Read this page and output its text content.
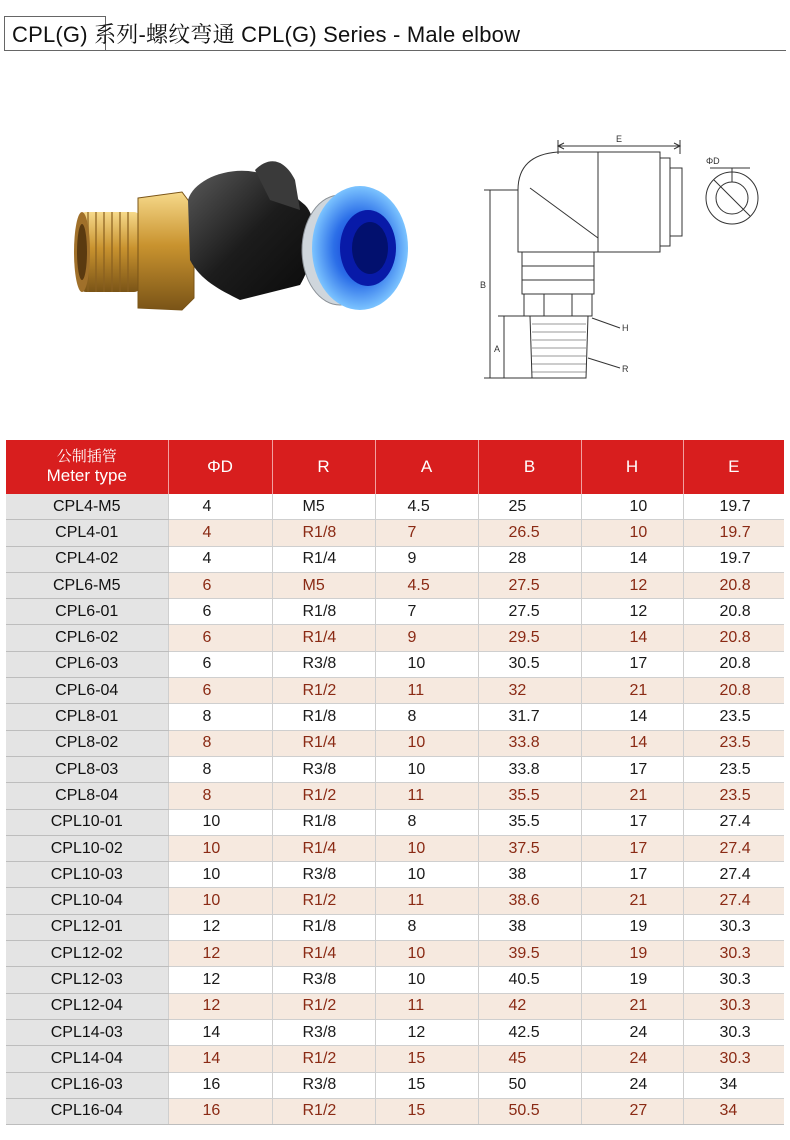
CPL(G) 系列-螺纹弯通 CPL(G) Series - Male elbow
E
B
A
H
R
ΦD
公制插管
Meter type	ΦD	R	A	B	H	E
CPL4-M5	4	M5	4.5	25	10	19.7
CPL4-01	4	R1/8	7	26.5	10	19.7
CPL4-02	4	R1/4	9	28	14	19.7
CPL6-M5	6	M5	4.5	27.5	12	20.8
CPL6-01	6	R1/8	7	27.5	12	20.8
CPL6-02	6	R1/4	9	29.5	14	20.8
CPL6-03	6	R3/8	10	30.5	17	20.8
CPL6-04	6	R1/2	11	32	21	20.8
CPL8-01	8	R1/8	8	31.7	14	23.5
CPL8-02	8	R1/4	10	33.8	14	23.5
CPL8-03	8	R3/8	10	33.8	17	23.5
CPL8-04	8	R1/2	11	35.5	21	23.5
CPL10-01	10	R1/8	8	35.5	17	27.4
CPL10-02	10	R1/4	10	37.5	17	27.4
CPL10-03	10	R3/8	10	38	17	27.4
CPL10-04	10	R1/2	11	38.6	21	27.4
CPL12-01	12	R1/8	8	38	19	30.3
CPL12-02	12	R1/4	10	39.5	19	30.3
CPL12-03	12	R3/8	10	40.5	19	30.3
CPL12-04	12	R1/2	11	42	21	30.3
CPL14-03	14	R3/8	12	42.5	24	30.3
CPL14-04	14	R1/2	15	45	24	30.3
CPL16-03	16	R3/8	15	50	24	34
CPL16-04	16	R1/2	15	50.5	27	34
